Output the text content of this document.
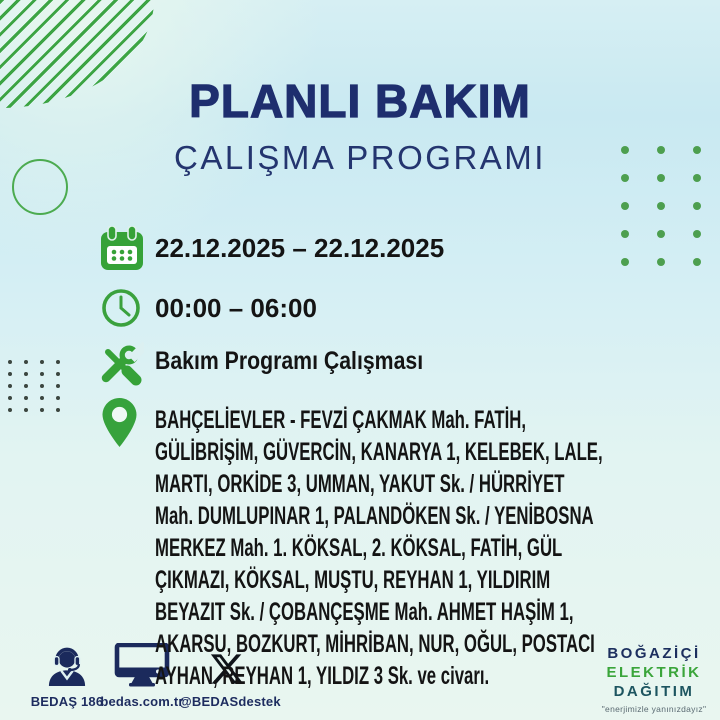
PLANLI BAKIM
ÇALIŞMA PROGRAMI
22.12.2025 – 22.12.2025
00:00 – 06:00
Bakım Programı Çalışması
BAHÇELİEVLER - FEVZİ ÇAKMAK Mah. FATİH,
GÜLİBRİŞİM, GÜVERCİN, KANARYA 1, KELEBEK, LALE,
MARTI, ORKİDE 3, UMMAN, YAKUT Sk. / HÜRRİYET
Mah. DUMLUPINAR 1, PALANDÖKEN Sk. / YENİBOSNA
MERKEZ Mah. 1. KÖKSAL, 2. KÖKSAL, FATİH, GÜL
ÇIKMAZI, KÖKSAL, MUŞTU, REYHAN 1, YILDIRIM
BEYAZIT Sk. / ÇOBANÇEŞME Mah. AHMET HAŞİM 1,
AKARSU, BOZKURT, MİHRİBAN, NUR, OĞUL, POSTACI
AYHAN, REYHAN 1, YILDIZ 3 Sk. ve civarı.
BEDAŞ 186
bedas.com.tr
@BEDASdestek
BOĞAZİÇİ
ELEKTRİK
DAĞITIM
"enerjimizle yanınızdayız"
